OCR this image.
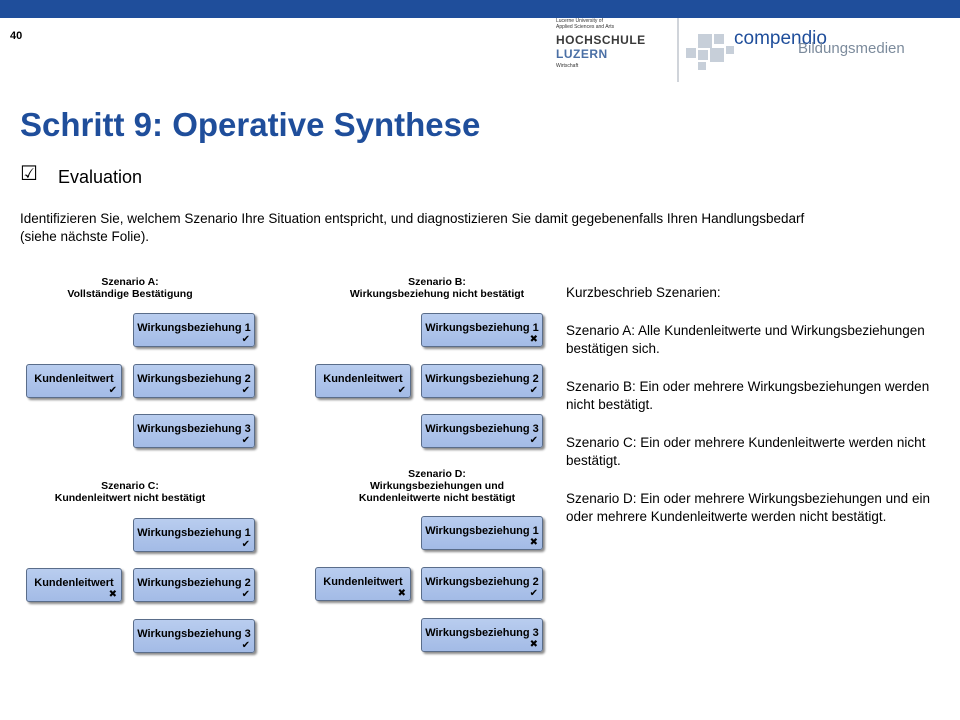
40
Lucerne University of
Applied Sciences and Arts
HOCHSCHULE
LUZERN
Wirtschaft
compendio
Bildungsmedien
Schritt 9: Operative Synthese
☑ Evaluation
Identifizieren Sie, welchem Szenario Ihre Situation entspricht, und diagnostizieren Sie damit gegebenenfalls Ihren Handlungsbedarf (siehe nächste Folie).
Szenario A:
Vollständige Bestätigung
Wirkungsbeziehung 1
✔
Kundenleitwert
✔
Wirkungsbeziehung 2
✔
Wirkungsbeziehung 3
✔
Szenario B:
Wirkungsbeziehung nicht bestätigt
Wirkungsbeziehung 1
✖
Kundenleitwert
✔
Wirkungsbeziehung 2
✔
Wirkungsbeziehung 3
✔
Szenario C:
Kundenleitwert nicht bestätigt
Wirkungsbeziehung 1
✔
Kundenleitwert
✖
Wirkungsbeziehung 2
✔
Wirkungsbeziehung 3
✔
Szenario D:
Wirkungsbeziehungen und
Kundenleitwerte nicht bestätigt
Wirkungsbeziehung 1
✖
Kundenleitwert
✖
Wirkungsbeziehung 2
✔
Wirkungsbeziehung 3
✖

Kurzbeschrieb Szenarien:

Szenario A: Alle Kundenleitwerte und Wirkungsbeziehungen bestätigen sich.

Szenario B: Ein oder mehrere Wirkungsbeziehungen werden nicht bestätigt.

Szenario C: Ein oder mehrere Kundenleitwerte werden nicht bestätigt.

Szenario D: Ein oder mehrere Wirkungsbeziehungen und ein oder mehrere Kundenleitwerte werden nicht bestätigt.
